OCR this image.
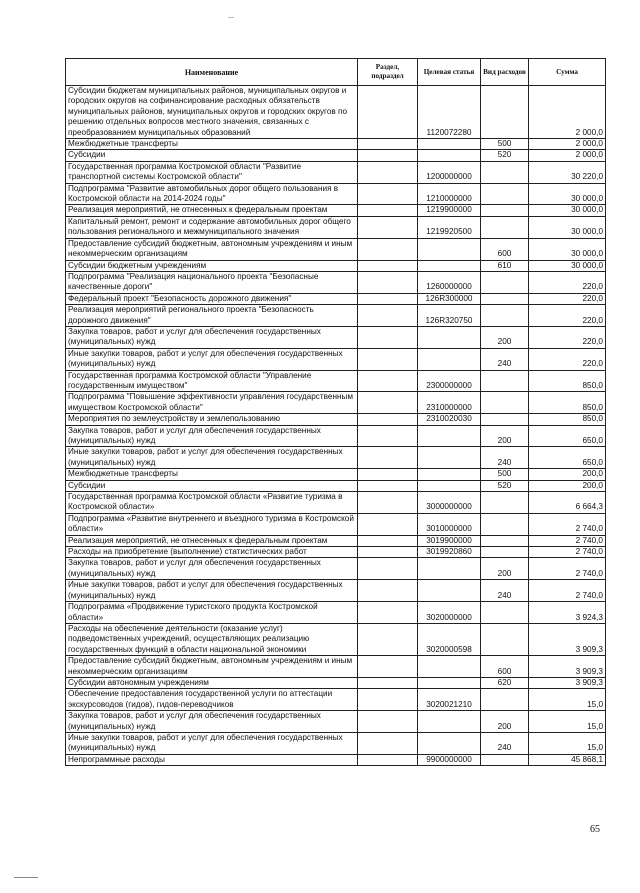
Наименование	Раздел, подраздел	Целевая статья	Вид расходов	Сумма
Субсидии бюджетам муниципальных районов, муниципальных округов и городских округов на софинансирование расходных обязательств муниципальных районов, муниципальных округов и городских округов по решению отдельных вопросов местного значения, связанных с преобразованием муниципальных образований		1120072280		2 000,0
Межбюджетные трансферты			500	2 000,0
Субсидии			520	2 000,0
Государственная программа Костромской области "Развитие транспортной системы Костромской области"		1200000000		30 220,0
Подпрограмма "Развитие автомобильных дорог общего пользования в Костромской области на 2014-2024 годы"		1210000000		30 000,0
Реализация мероприятий, не отнесенных к федеральным проектам		1219900000		30 000,0
Капитальный ремонт, ремонт и содержание автомобильных дорог общего пользования регионального и межмуниципального значения		1219920500		30 000,0
Предоставление субсидий бюджетным, автономным учреждениям и иным некоммерческим организациям			600	30 000,0
Субсидии бюджетным учреждениям			610	30 000,0
Подпрограмма "Реализация национального проекта "Безопасные качественные дороги"		1260000000		220,0
Федеральный проект "Безопасность дорожного движения"		126R300000		220,0
Реализация мероприятий регионального проекта "Безопасность дорожного движения"		126R320750		220,0
Закупка товаров, работ и услуг для обеспечения государственных (муниципальных) нужд			200	220,0
Иные закупки товаров, работ и услуг для обеспечения государственных (муниципальных) нужд			240	220,0
Государственная программа Костромской области "Управление государственным имуществом"		2300000000		850,0
Подпрограмма "Повышение эффективности управления государственным имуществом Костромской области"		2310000000		850,0
Мероприятия по землеустройству и землепользованию		2310020030		850,0
Закупка товаров, работ и услуг для обеспечения государственных (муниципальных) нужд			200	650,0
Иные закупки товаров, работ и услуг для обеспечения государственных (муниципальных) нужд			240	650,0
Межбюджетные трансферты			500	200,0
Субсидии			520	200,0
Государственная программа Костромской области «Развитие туризма в Костромской области»		3000000000		6 664,3
Подпрограмма «Развитие внутреннего и въездного туризма в Костромской области»		3010000000		2 740,0
Реализация мероприятий, не отнесенных к федеральным проектам		3019900000		2 740,0
Расходы на приобретение (выполнение) статистических работ		3019920860		2 740,0
Закупка товаров, работ и услуг для обеспечения государственных (муниципальных) нужд			200	2 740,0
Иные закупки товаров, работ и услуг для обеспечения государственных (муниципальных) нужд			240	2 740,0
Подпрограмма «Продвижение туристского продукта Костромской области»		3020000000		3 924,3
Расходы на обеспечение деятельности (оказание услуг) подведомственных учреждений, осуществляющих реализацию государственных функций в области национальной экономики		3020000598		3 909,3
Предоставление субсидий бюджетным, автономным учреждениям и иным некоммерческим организациям			600	3 909,3
Субсидии автономным учреждениям			620	3 909,3
Обеспечение предоставления государственной услуги по аттестации экскурсоводов (гидов), гидов-переводчиков		3020021210		15,0
Закупка товаров, работ и услуг для обеспечения государственных (муниципальных) нужд			200	15,0
Иные закупки товаров, работ и услуг для обеспечения государственных (муниципальных) нужд			240	15,0
Непрограммные расходы		9900000000		45 868,1
65
